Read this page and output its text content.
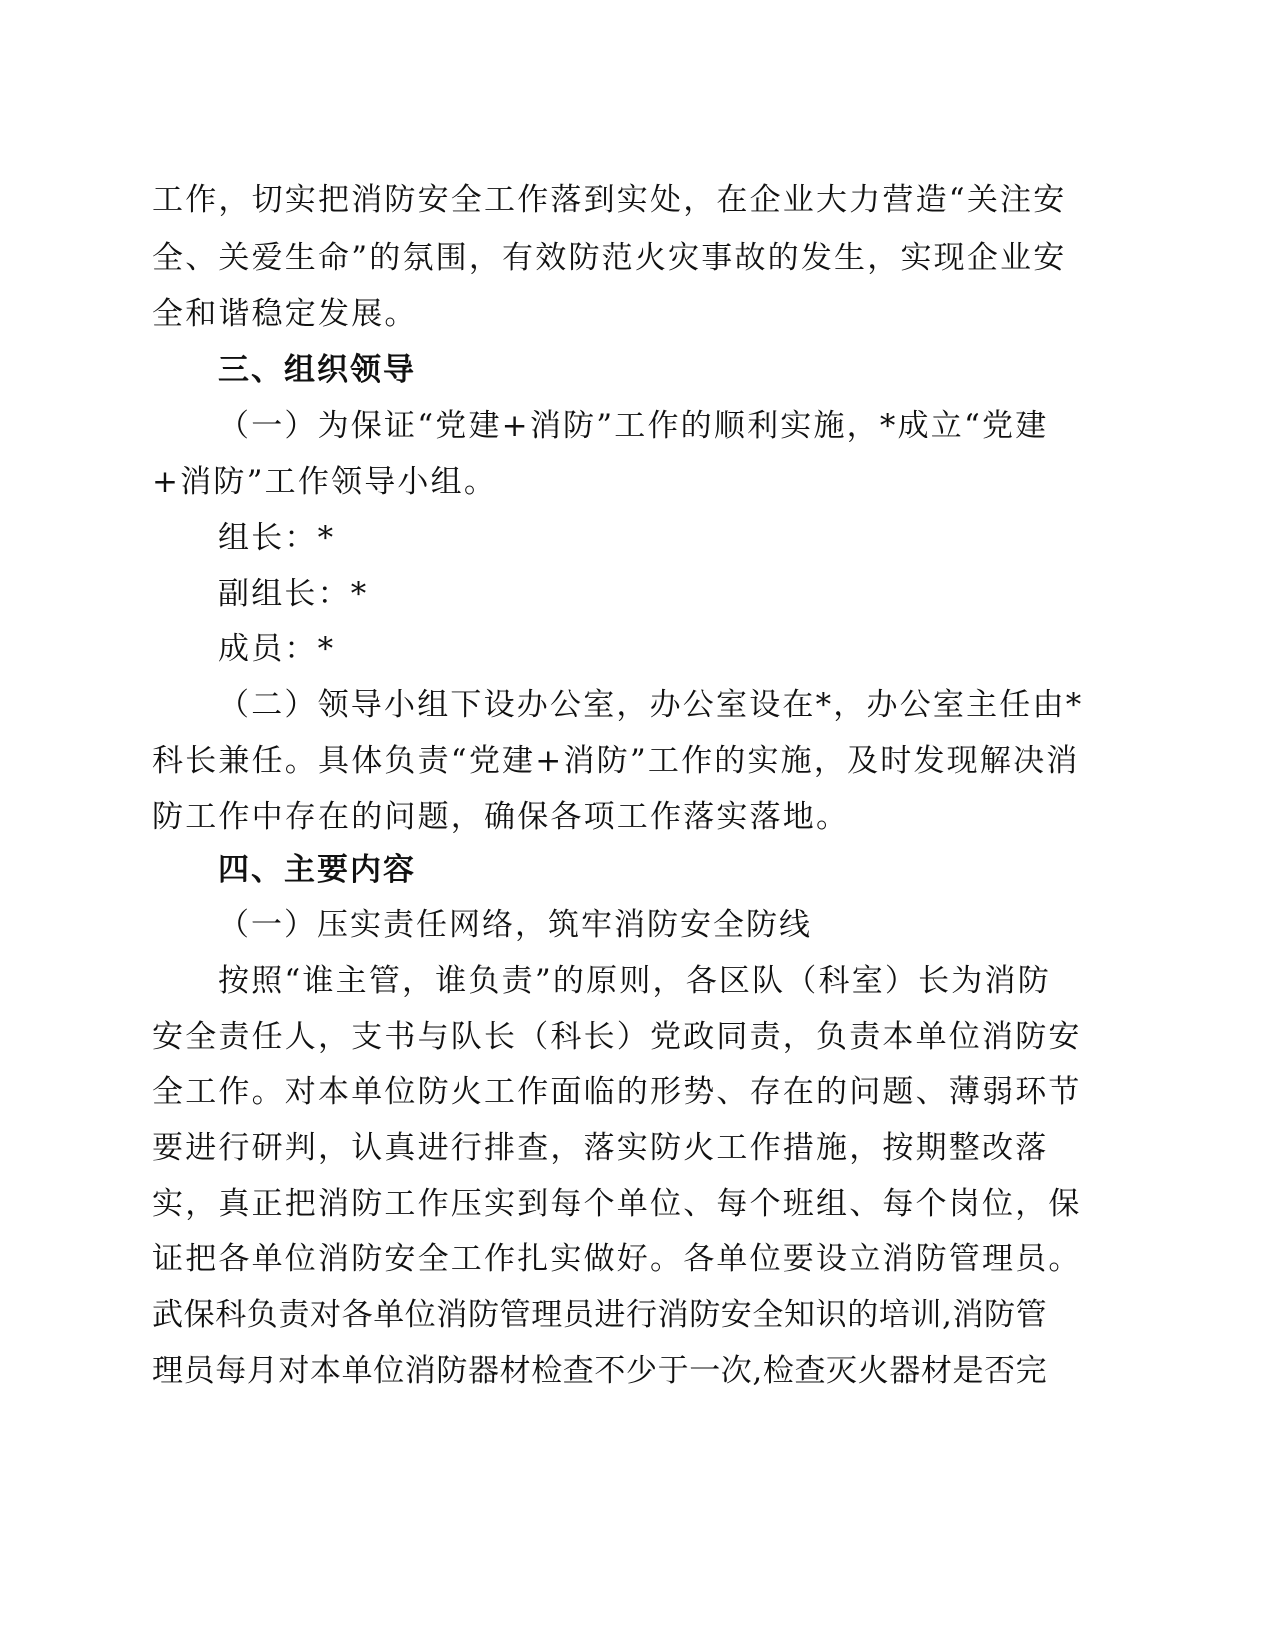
工作，切实把消防安全工作落到实处，在企业大力营造“关注安
全、关爱生命”的氛围，有效防范火灾事故的发生，实现企业安
全和谐稳定发展。
三、组织领导
（一）为保证“党建+消防”工作的顺利实施，*成立“党建
+消防”工作领导小组。
组长：*
副组长：*
成员：*
（二）领导小组下设办公室，办公室设在*，办公室主任由*
科长兼任。具体负责“党建+消防”工作的实施，及时发现解决消
防工作中存在的问题，确保各项工作落实落地。
四、主要内容
（一）压实责任网络，筑牢消防安全防线
按照“谁主管，谁负责”的原则，各区队（科室）长为消防
安全责任人，支书与队长（科长）党政同责，负责本单位消防安
全工作。对本单位防火工作面临的形势、存在的问题、薄弱环节
要进行研判，认真进行排查，落实防火工作措施，按期整改落
实，真正把消防工作压实到每个单位、每个班组、每个岗位，保
证把各单位消防安全工作扎实做好。各单位要设立消防管理员。
武保科负责对各单位消防管理员进行消防安全知识的培训,消防管
理员每月对本单位消防器材检查不少于一次,检查灭火器材是否完
